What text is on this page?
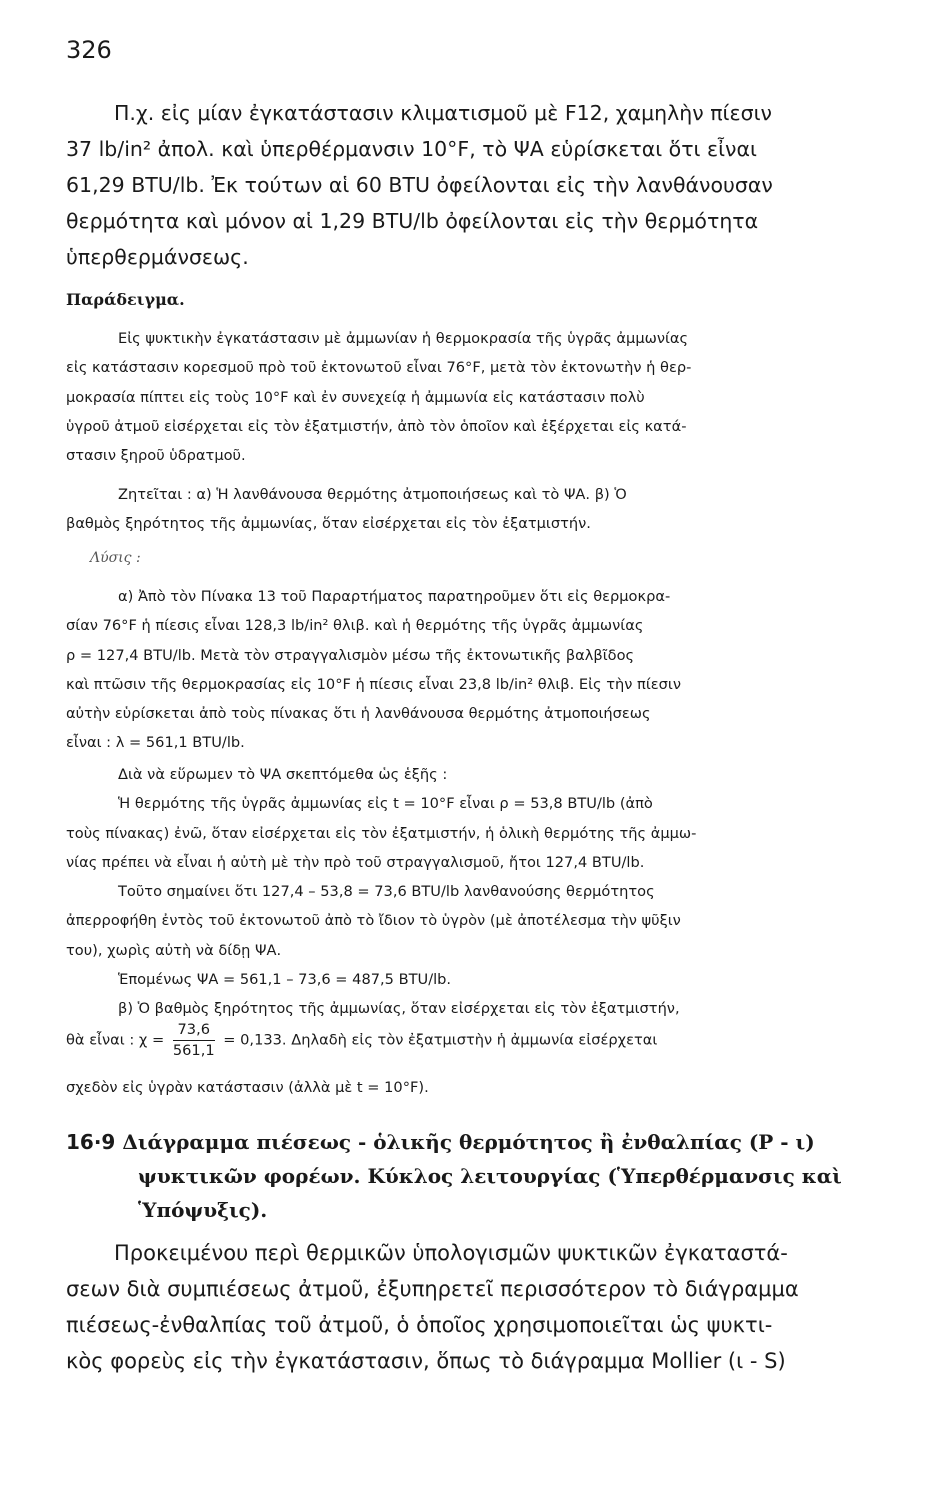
326
Π.χ. εἰς μίαν ἐγκατάστασιν κλιματισμοῦ μὲ F12, χαμηλὴν πίεσιν
37 lb/in² ἀπολ. καὶ ὑπερθέρμανσιν 10°F, τὸ ΨΑ εὑρίσκεται ὅτι εἶναι
61,29 BTU/lb. Ἐκ τούτων αἱ 60 BTU ὀφείλονται εἰς τὴν λανθάνουσαν
θερμότητα καὶ μόνον αἱ 1,29 BTU/lb ὀφείλονται εἰς τὴν θερμότητα
ὑπερθερμάνσεως.
Παράδειγμα.
Εἰς ψυκτικὴν ἐγκατάστασιν μὲ ἀμμωνίαν ἡ θερμοκρασία τῆς ὑγρᾶς ἀμμωνίας
εἰς κατάστασιν κορεσμοῦ πρὸ τοῦ ἐκτονωτοῦ εἶναι 76°F, μετὰ τὸν ἐκτονωτὴν ἡ θερ-
μοκρασία πίπτει εἰς τοὺς 10°F καὶ ἐν συνεχείᾳ ἡ ἀμμωνία εἰς κατάστασιν πολὺ
ὑγροῦ ἀτμοῦ εἰσέρχεται εἰς τὸν ἐξατμιστήν, ἀπὸ τὸν ὁποῖον καὶ ἐξέρχεται εἰς κατά-
στασιν ξηροῦ ὑδρατμοῦ.
Ζητεῖται : α) Ἡ λανθάνουσα θερμότης ἀτμοποιήσεως καὶ τὸ ΨΑ. β) Ὁ
βαθμὸς ξηρότητος τῆς ἀμμωνίας, ὅταν εἰσέρχεται εἰς τὸν ἐξατμιστήν.
Λύσις :
α) Ἀπὸ τὸν Πίνακα 13 τοῦ Παραρτήματος παρατηροῦμεν ὅτι εἰς θερμοκρα-
σίαν 76°F ἡ πίεσις εἶναι 128,3 lb/in² θλιβ. καὶ ἡ θερμότης τῆς ὑγρᾶς ἀμμωνίας
ρ = 127,4 BTU/lb. Μετὰ τὸν στραγγαλισμὸν μέσω τῆς ἐκτονωτικῆς βαλβῖδος
καὶ πτῶσιν τῆς θερμοκρασίας εἰς 10°F ἡ πίεσις εἶναι 23,8 lb/in² θλιβ. Εἰς τὴν πίεσιν
αὐτὴν εὑρίσκεται ἀπὸ τοὺς πίνακας ὅτι ἡ λανθάνουσα θερμότης ἀτμοποιήσεως
εἶναι : λ = 561,1 BTU/lb.
Διὰ νὰ εὕρωμεν τὸ ΨΑ σκεπτόμεθα ὡς ἑξῆς :
Ἡ θερμότης τῆς ὑγρᾶς ἀμμωνίας εἰς t = 10°F εἶναι ρ = 53,8 BTU/lb (ἀπὸ
τοὺς πίνακας) ἐνῶ, ὅταν εἰσέρχεται εἰς τὸν ἐξατμιστήν, ἡ ὁλικὴ θερμότης τῆς ἀμμω-
νίας πρέπει νὰ εἶναι ἡ αὐτὴ μὲ τὴν πρὸ τοῦ στραγγαλισμοῦ, ἤτοι 127,4 BTU/lb.
Τοῦτο σημαίνει ὅτι 127,4 – 53,8 = 73,6 BTU/lb λανθανούσης θερμότητος
ἀπερροφήθη ἐντὸς τοῦ ἐκτονωτοῦ ἀπὸ τὸ ἴδιον τὸ ὑγρὸν (μὲ ἀποτέλεσμα τὴν ψῦξιν
του), χωρὶς αὐτὴ νὰ δίδῃ ΨΑ.
Ἑπομένως ΨΑ = 561,1 – 73,6 = 487,5 BTU/lb.
β) Ὁ βαθμὸς ξηρότητος τῆς ἀμμωνίας, ὅταν εἰσέρχεται εἰς τὸν ἐξατμιστήν,
θὰ εἶναι : $\chi = \frac{73,6}{561,1} = 0,133$. Δηλαδὴ εἰς τὸν ἐξατμιστὴν ἡ ἀμμωνία εἰσέρχεται
σχεδὸν εἰς ὑγρὰν κατάστασιν (ἀλλὰ μὲ t = 10°F).
16·9 Διάγραμμα πιέσεως - ὁλικῆς θερμότητος ἢ ἐνθαλπίας (Ρ - ι)
ψυκτικῶν φορέων. Κύκλος λειτουργίας (Ὑπερθέρμανσις καὶ
Ὑπόψυξις).
Προκειμένου περὶ θερμικῶν ὑπολογισμῶν ψυκτικῶν ἐγκαταστά-
σεων διὰ συμπιέσεως ἀτμοῦ, ἐξυπηρετεῖ περισσότερον τὸ διάγραμμα
πιέσεως-ἐνθαλπίας τοῦ ἀτμοῦ, ὁ ὁποῖος χρησιμοποιεῖται ὡς ψυκτι-
κὸς φορεὺς εἰς τὴν ἐγκατάστασιν, ὅπως τὸ διάγραμμα Mollier (ι - S)
